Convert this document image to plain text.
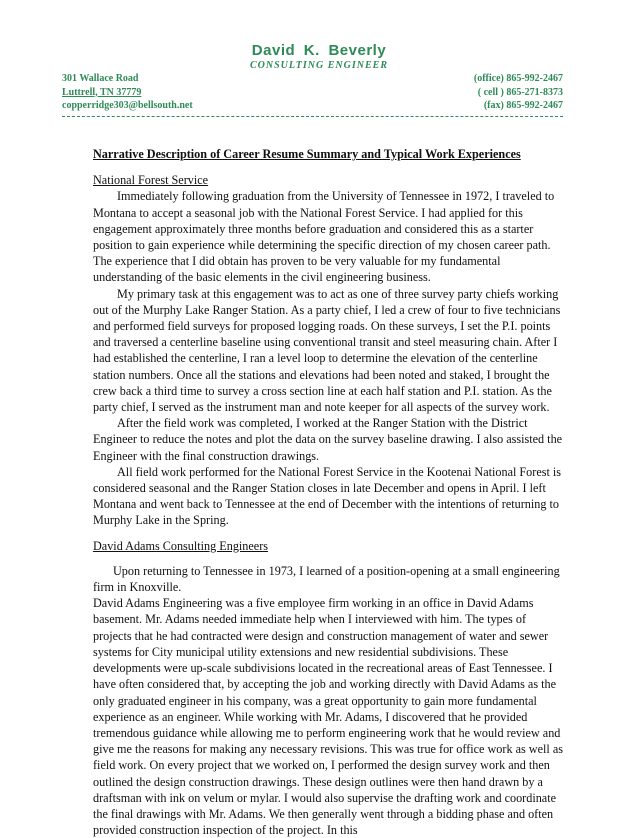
David K. Beverly
CONSULTING ENGINEER
301 Wallace Road	(office) 865-992-2467
Luttrell, TN 37779	( cell ) 865-271-8373
copperridge303@bellsouth.net	(fax) 865-992-2467
Narrative Description of Career Resume Summary and Typical Work Experiences
National Forest Service

Immediately following graduation from the University of Tennessee in 1972, I traveled to Montana to accept a seasonal job with the National Forest Service. I had applied for this engagement approximately three months before graduation and considered this as a starter position to gain experience while determining the specific direction of my chosen career path. The experience that I did obtain has proven to be very valuable for my fundamental understanding of the basic elements in the civil engineering business.

My primary task at this engagement was to act as one of three survey party chiefs working out of the Murphy Lake Ranger Station. As a party chief, I led a crew of four to five technicians and performed field surveys for proposed logging roads. On these surveys, I set the P.I. points and traversed a centerline baseline using conventional transit and steel measuring chain. After I had established the centerline, I ran a level loop to determine the elevation of the centerline station numbers. Once all the stations and elevations had been noted and staked, I brought the crew back a third time to survey a cross section line at each half station and P.I. station. As the party chief, I served as the instrument man and note keeper for all aspects of the survey work.

After the field work was completed, I worked at the Ranger Station with the District Engineer to reduce the notes and plot the data on the survey baseline drawing. I also assisted the Engineer with the final construction drawings.

All field work performed for the National Forest Service in the Kootenai National Forest is considered seasonal and the Ranger Station closes in late December and opens in April. I left Montana and went back to Tennessee at the end of December with the intentions of returning to Murphy Lake in the Spring.

David Adams Consulting Engineers

Upon returning to Tennessee in 1973, I learned of a position-opening at a small engineering firm in Knoxville.

David Adams Engineering was a five employee firm working in an office in David Adams basement. Mr. Adams needed immediate help when I interviewed with him. The types of projects that he had contracted were design and construction management of water and sewer systems for City municipal utility extensions and new residential subdivisions. These developments were up-scale subdivisions located in the recreational areas of East Tennessee. I have often considered that, by accepting the job and working directly with David Adams as the only graduated engineer in his company, was a great opportunity to gain more fundamental experience as an engineer. While working with Mr. Adams, I discovered that he provided tremendous guidance while allowing me to perform engineering work that he would review and give me the reasons for making any necessary revisions. This was true for office work as well as field work. On every project that we worked on, I performed the design survey work and then outlined the design construction drawings. These design outlines were then hand drawn by a draftsman with ink on velum or mylar. I would also supervise the drafting work and coordinate the final drawings with Mr. Adams. We then generally went through a bidding phase and often provided construction inspection of the project. In this
